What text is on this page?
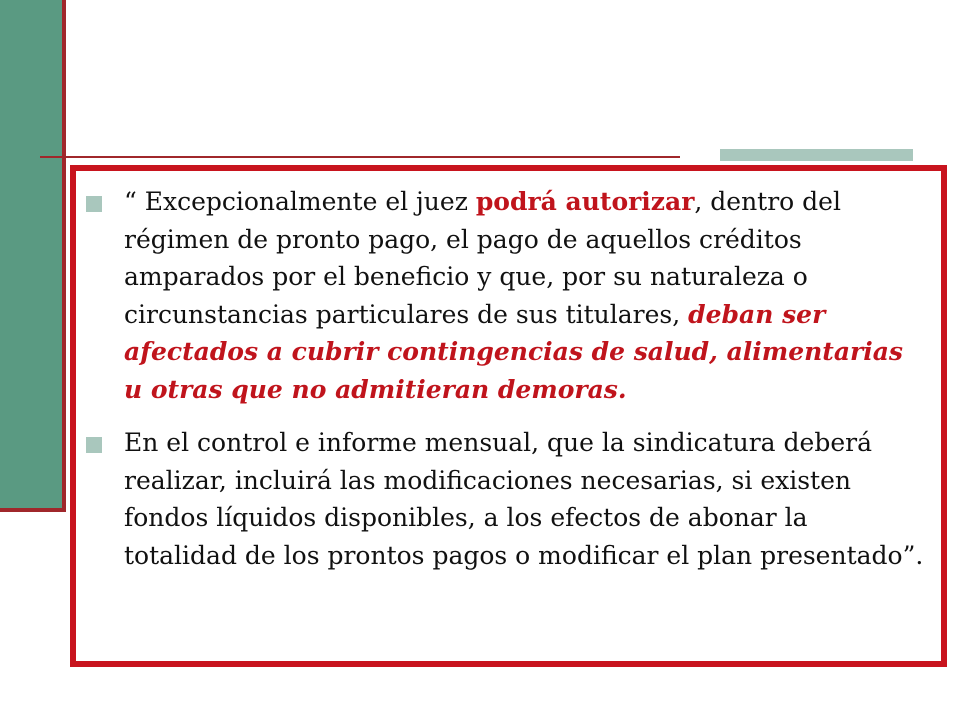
“ Excepcionalmente el juez podrá autorizar, dentro del régimen de pronto pago, el pago de aquellos créditos amparados por el beneficio y que, por su naturaleza o circunstancias particulares de sus titulares, deban ser afectados a cubrir contingencias de salud, alimentarias u otras que no admitieran demoras.
En el control e informe mensual, que la sindicatura deberá realizar, incluirá las modificaciones necesarias, si existen fondos líquidos disponibles, a los efectos de abonar la totalidad de los prontos pagos o modificar el plan presentado”.
